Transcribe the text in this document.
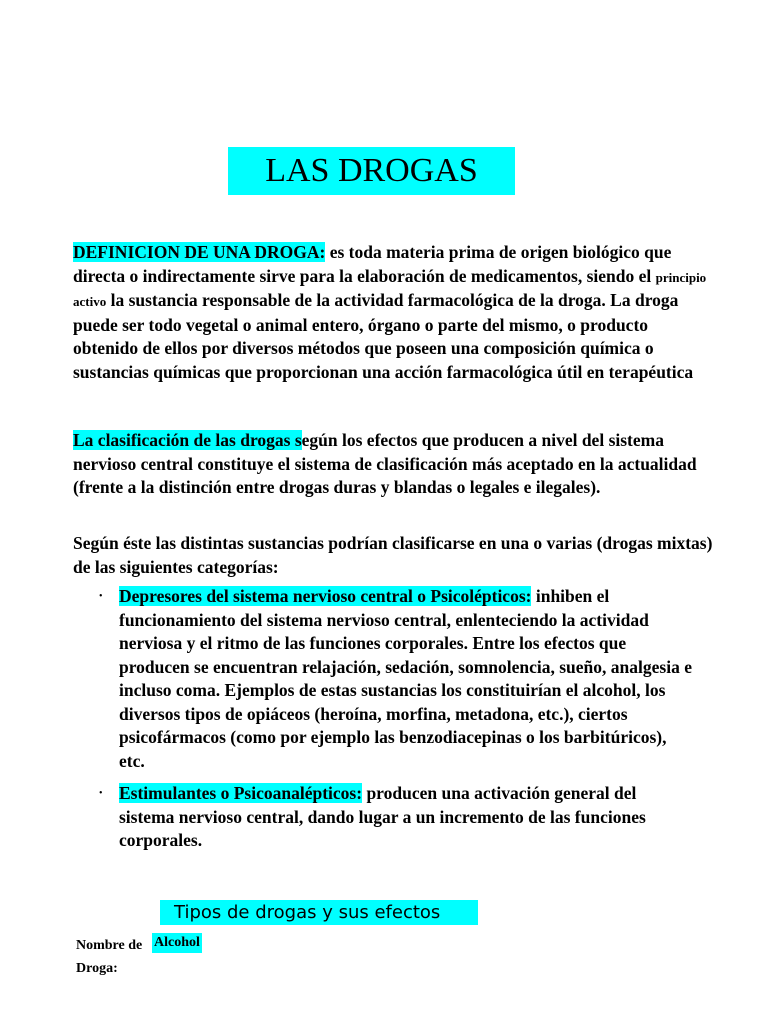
LAS DROGAS
DEFINICION DE UNA DROGA: es toda materia prima de origen biológico que directa o indirectamente sirve para la elaboración de medicamentos, siendo el principio activo la sustancia responsable de la actividad farmacológica de la droga. La droga puede ser todo vegetal o animal entero, órgano o parte del mismo, o producto obtenido de ellos por diversos métodos que poseen una composición química o sustancias químicas que proporcionan una acción farmacológica útil en terapéutica
La clasificación de las drogas según los efectos que producen a nivel del sistema nervioso central constituye el sistema de clasificación más aceptado en la actualidad (frente a la distinción entre drogas duras y blandas o legales e ilegales).
Según éste las distintas sustancias podrían clasificarse en una o varias (drogas mixtas) de las siguientes categorías:
• Depresores del sistema nervioso central o Psicolépticos: inhiben el funcionamiento del sistema nervioso central, enlenteciendo la actividad nerviosa y el ritmo de las funciones corporales. Entre los efectos que producen se encuentran relajación, sedación, somnolencia, sueño, analgesia e incluso coma. Ejemplos de estas sustancias los constituirían el alcohol, los diversos tipos de opiáceos (heroína, morfina, metadona, etc.), ciertos psicofármacos (como por ejemplo las benzodiacepinas o los barbitúricos), etc.
• Estimulantes o Psicoanalépticos: producen una activación general del sistema nervioso central, dando lugar a un incremento de las funciones corporales.
Tipos de drogas y sus efectos
Nombre de Droga:
Alcohol
